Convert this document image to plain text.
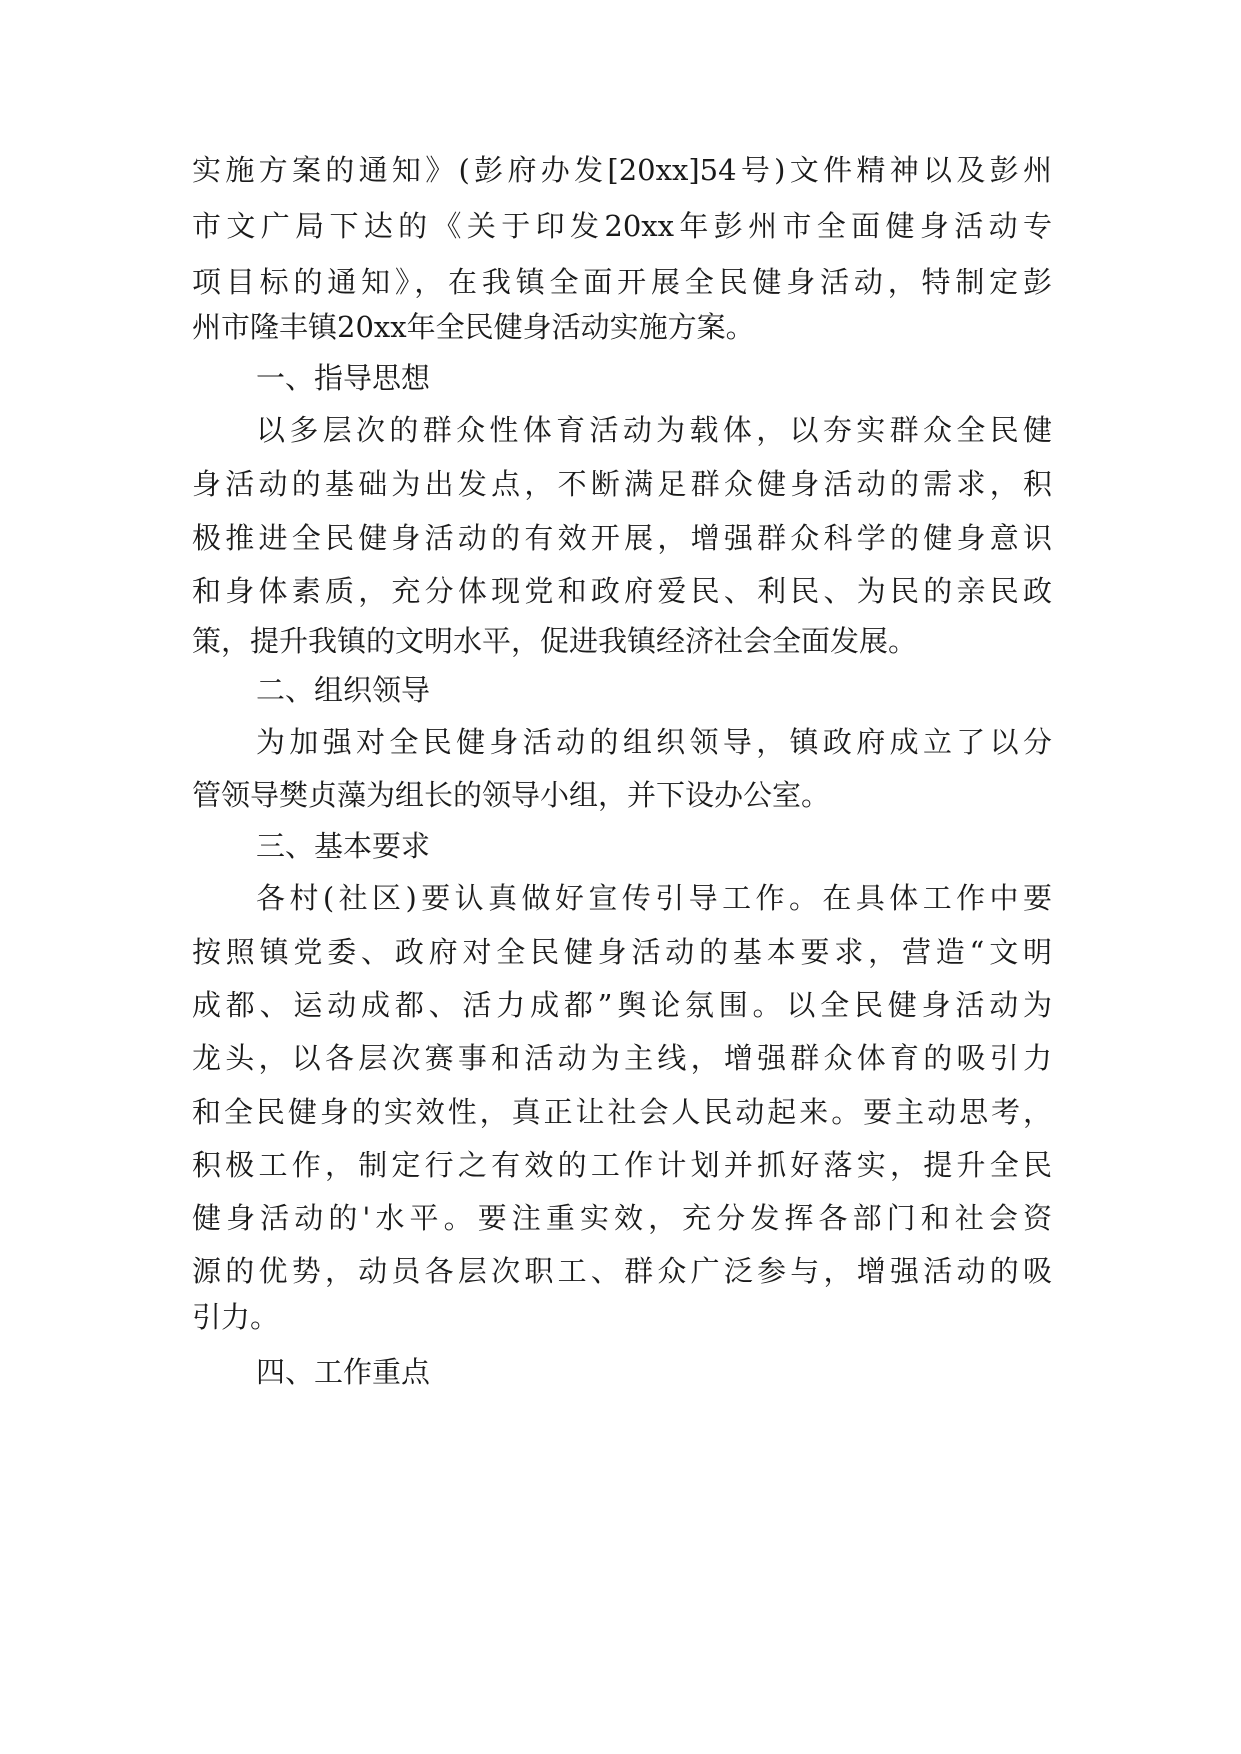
实施方案的通知》(彭府办发[20xx]54号)文件精神以及彭州
市文广局下达的《关于印发20xx年彭州市全面健身活动专
项目标的通知》，在我镇全面开展全民健身活动，特制定彭
州市隆丰镇20xx年全民健身活动实施方案。
一、指导思想
以多层次的群众性体育活动为载体，以夯实群众全民健
身活动的基础为出发点，不断满足群众健身活动的需求，积
极推进全民健身活动的有效开展，增强群众科学的健身意识
和身体素质，充分体现党和政府爱民、利民、为民的亲民政
策，提升我镇的文明水平，促进我镇经济社会全面发展。
二、组织领导
为加强对全民健身活动的组织领导，镇政府成立了以分
管领导樊贞藻为组长的领导小组，并下设办公室。
三、基本要求
各村(社区)要认真做好宣传引导工作。在具体工作中要
按照镇党委、政府对全民健身活动的基本要求，营造“文明
成都、运动成都、活力成都”舆论氛围。以全民健身活动为
龙头，以各层次赛事和活动为主线，增强群众体育的吸引力
和全民健身的实效性，真正让社会人民动起来。要主动思考，
积极工作，制定行之有效的工作计划并抓好落实，提升全民
健身活动的'水平。要注重实效，充分发挥各部门和社会资
源的优势，动员各层次职工、群众广泛参与，增强活动的吸
引力。
四、工作重点
